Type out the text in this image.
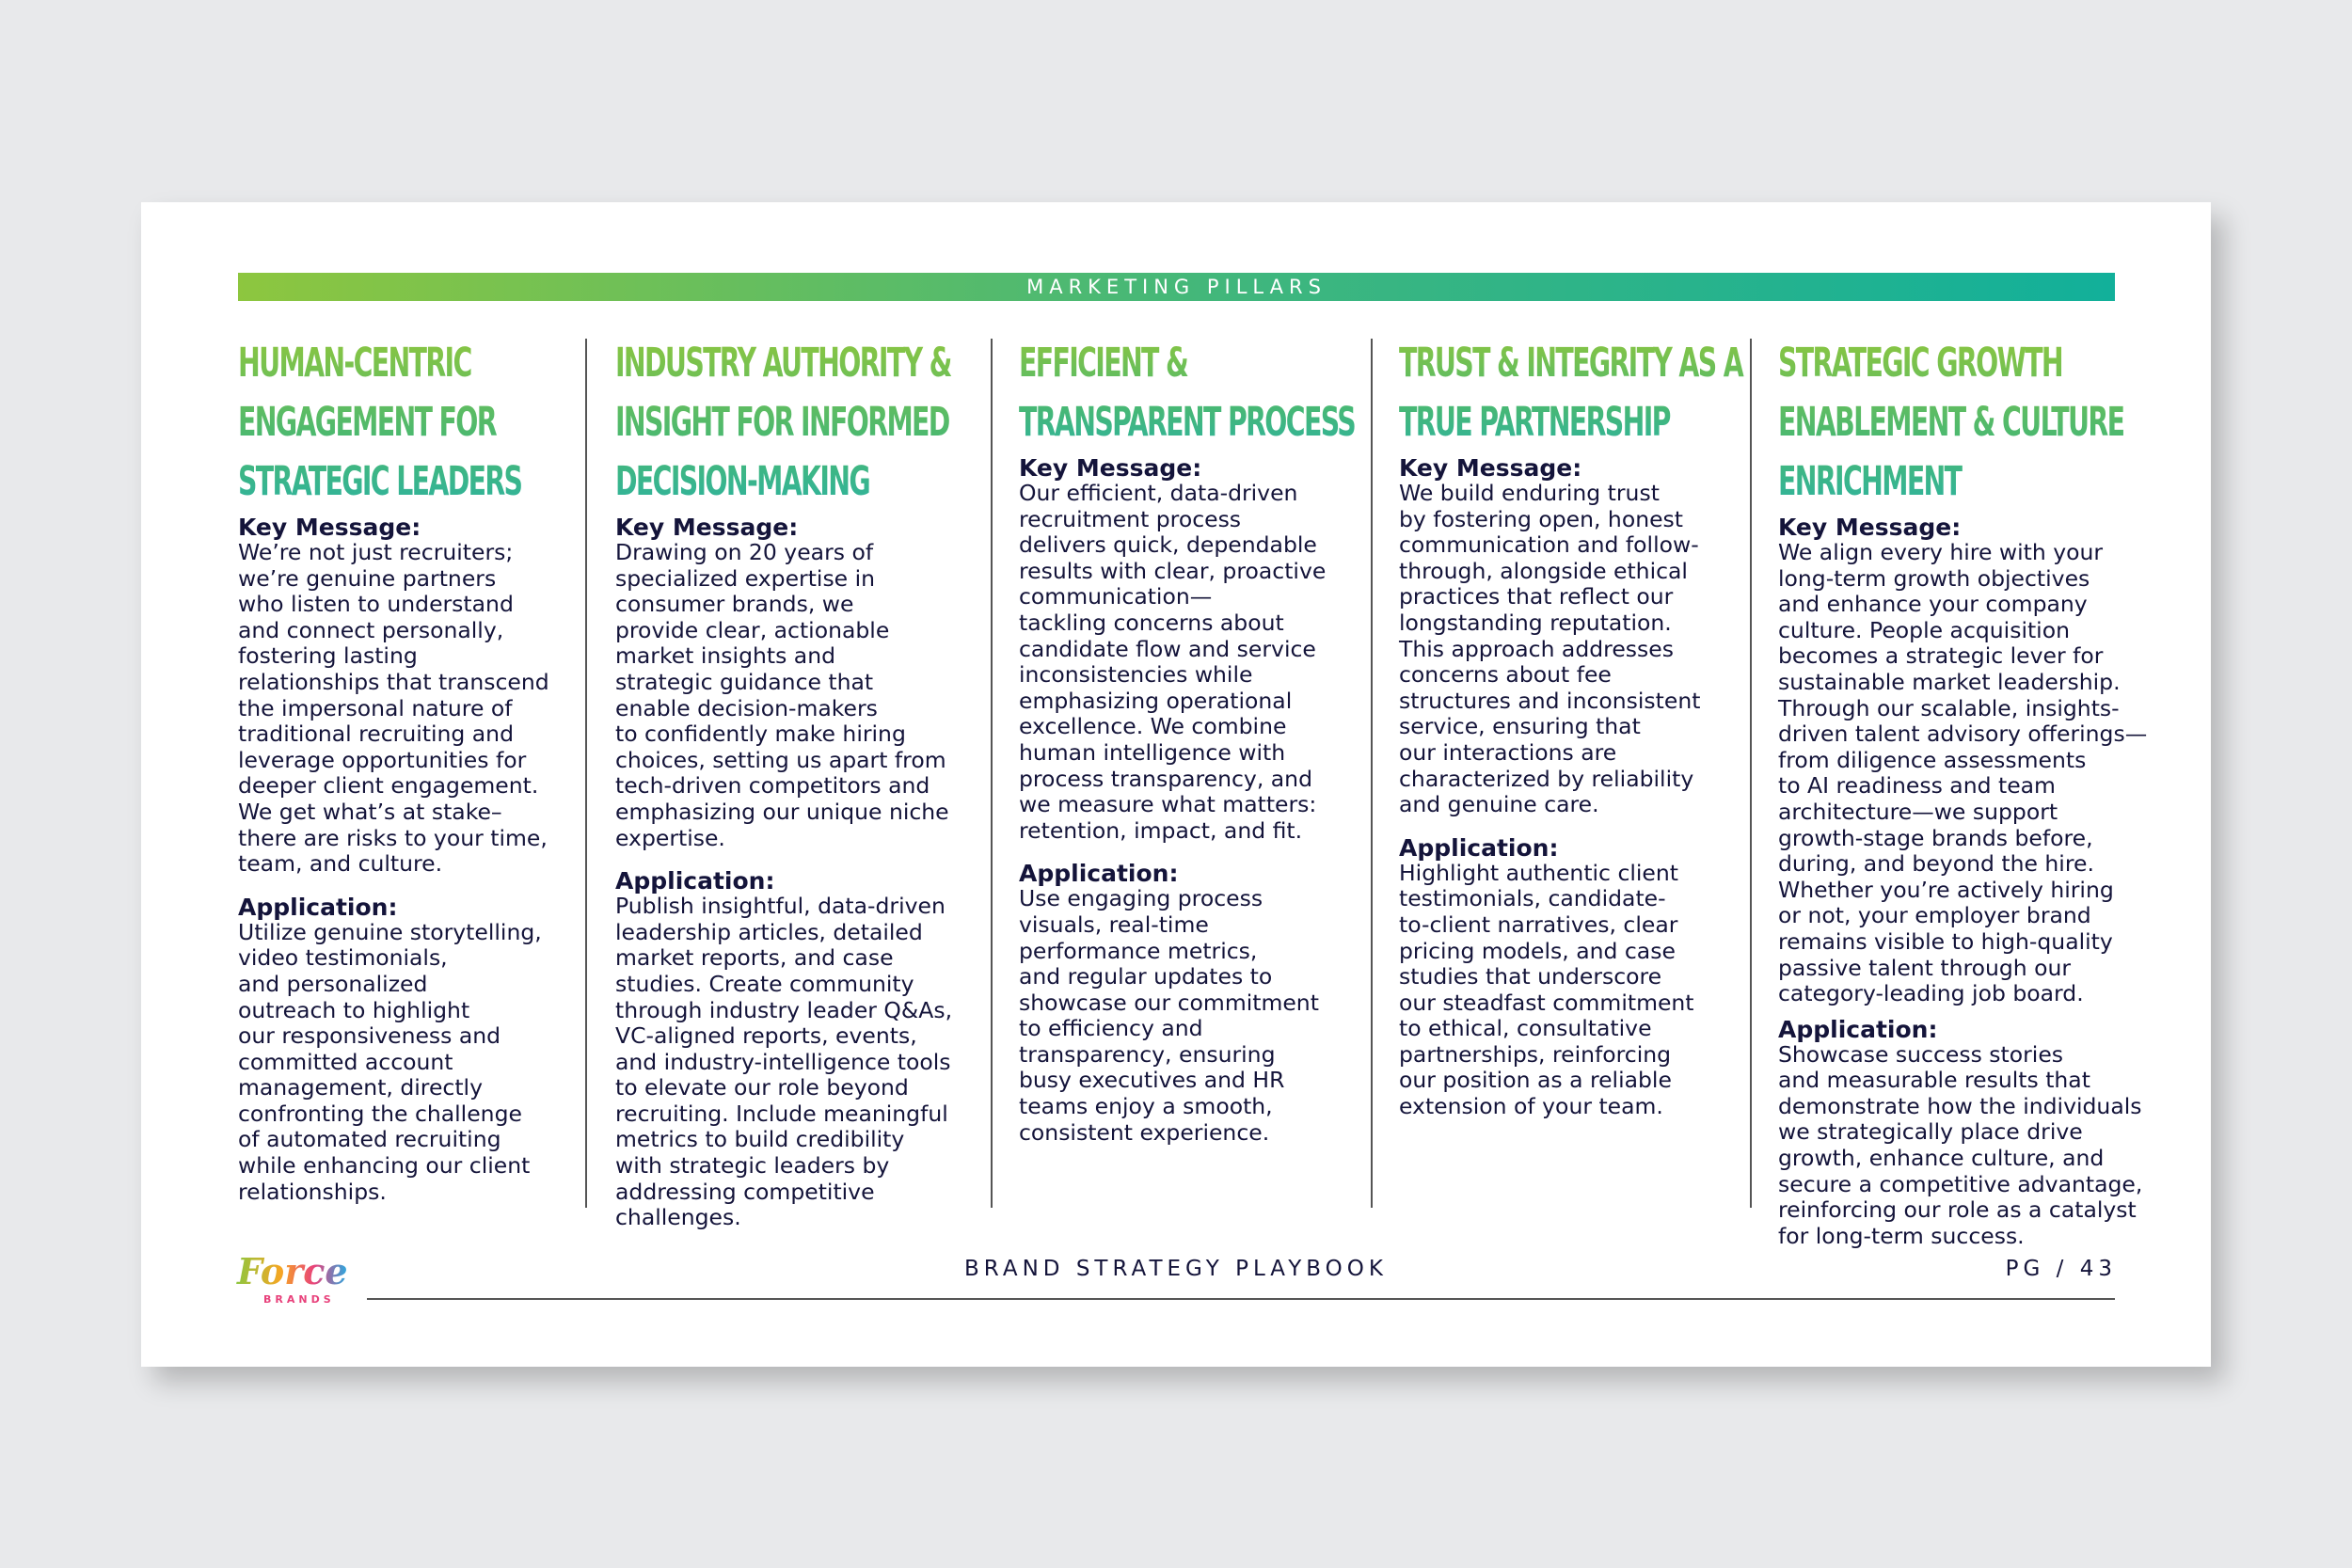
MARKETING PILLARS
HUMAN-CENTRIC ENGAGEMENT FOR STRATEGIC LEADERS

Key Message:

We’re not just recruiters;
we’re genuine partners
who listen to understand
and connect personally,
fostering lasting
relationships that transcend
the impersonal nature of
traditional recruiting and
leverage opportunities for
deeper client engagement.
We get what’s at stake–
there are risks to your time,
team, and culture.

Application:

Utilize genuine storytelling,
video testimonials,
and personalized
outreach to highlight
our responsiveness and
committed account
management, directly
confronting the challenge
of automated recruiting
while enhancing our client
relationships.

INDUSTRY AUTHORITY & INSIGHT FOR INFORMED DECISION-MAKING

Key Message:

Drawing on 20 years of
specialized expertise in
consumer brands, we
provide clear, actionable
market insights and
strategic guidance that
enable decision-makers
to confidently make hiring
choices, setting us apart from
tech-driven competitors and
emphasizing our unique niche
expertise.

Application:

Publish insightful, data-driven
leadership articles, detailed
market reports, and case
studies. Create community
through industry leader Q&As,
VC-aligned reports, events,
and industry-intelligence tools
to elevate our role beyond
recruiting. Include meaningful
metrics to build credibility
with strategic leaders by
addressing competitive
challenges.

EFFICIENT & TRANSPARENT PROCESS

Key Message:

Our efficient, data-driven
recruitment process
delivers quick, dependable
results with clear, proactive
communication—
tackling concerns about
candidate flow and service
inconsistencies while
emphasizing operational
excellence. We combine
human intelligence with
process transparency, and
we measure what matters:
retention, impact, and fit.

Application:

Use engaging process
visuals, real-time
performance metrics,
and regular updates to
showcase our commitment
to efficiency and
transparency, ensuring
busy executives and HR
teams enjoy a smooth,
consistent experience.

TRUST & INTEGRITY AS A TRUE PARTNERSHIP

Key Message:

We build enduring trust
by fostering open, honest
communication and follow-
through, alongside ethical
practices that reflect our
longstanding reputation.
This approach addresses
concerns about fee
structures and inconsistent
service, ensuring that
our interactions are
characterized by reliability
and genuine care.

Application:

Highlight authentic client
testimonials, candidate-
to-client narratives, clear
pricing models, and case
studies that underscore
our steadfast commitment
to ethical, consultative
partnerships, reinforcing
our position as a reliable
extension of your team.

STRATEGIC GROWTH ENABLEMENT & CULTURE ENRICHMENT

Key Message:

We align every hire with your
long-term growth objectives
and enhance your company
culture. People acquisition
becomes a strategic lever for
sustainable market leadership.
Through our scalable, insights-
driven talent advisory offerings—
from diligence assessments
to AI readiness and team
architecture—we support
growth-stage brands before,
during, and beyond the hire.
Whether you’re actively hiring
or not, your employer brand
remains visible to high-quality
passive talent through our
category-leading job board.

Application:

Showcase success stories
and measurable results that
demonstrate how the individuals
we strategically place drive
growth, enhance culture, and
secure a competitive advantage,
reinforcing our role as a catalyst
for long-term success.

Force
BRANDS
BRAND STRATEGY PLAYBOOK	PG / 43
